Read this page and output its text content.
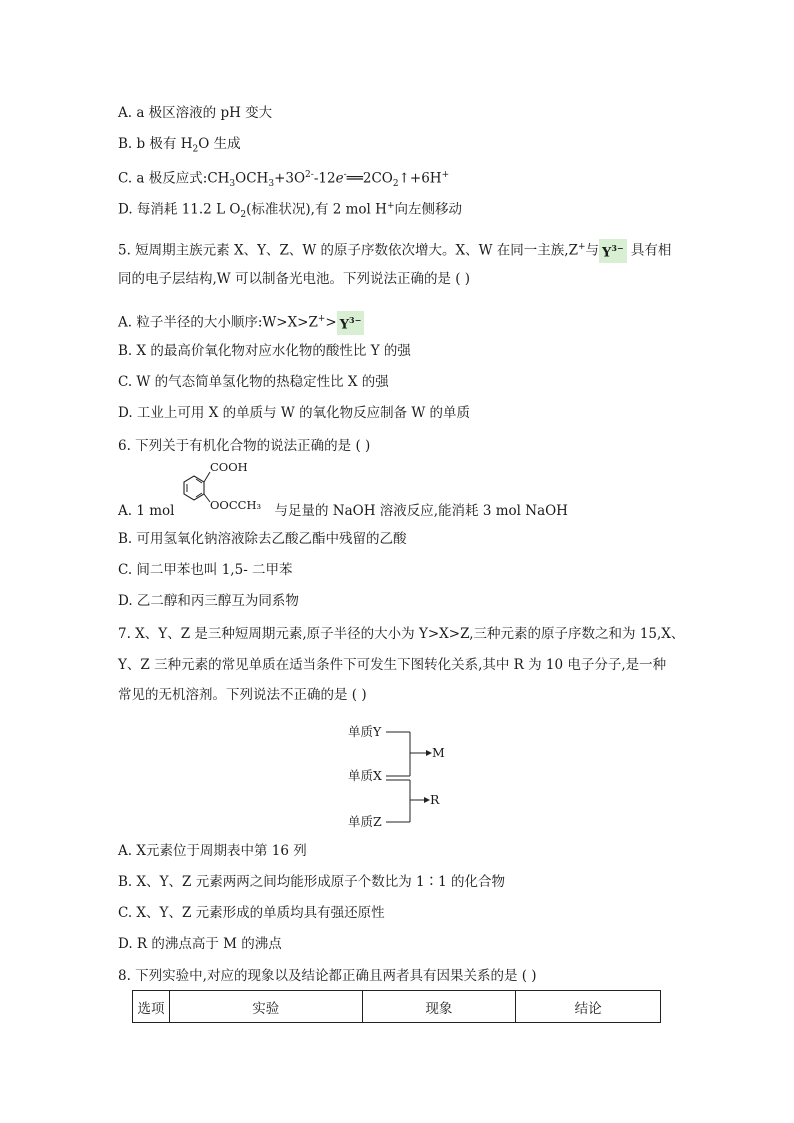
A. a 极区溶液的 pH 变大
B. b 极有 $H_2O$ 生成
C. a 极反应式$:CH_3OCH_3+3O^{2-}-12e^-══2CO_2↑+6H^+$
D. 每消耗 11.2 L $O_2$(标准状况),有 2 mol H+向左侧移动
5. 短周期主族元素 X、Y、Z、W 的原子序数依次增大。X、W 在同一主族,Z+与 $Y^{3-}$ 具有相
同的电子层结构,W 可以制备光电池。下列说法正确的是 ( )
A. 粒子半径的大小顺序:W>X>Z+> $Y^{3-}$
B. X 的最高价氧化物对应水化物的酸性比 Y 的强
C. W 的气态简单氢化物的热稳定性比 X 的强
D. 工业上可用 X 的单质与 W 的氧化物反应制备 W 的单质
6. 下列关于有机化合物的说法正确的是 ( )
COOH
OOCCH₃
A. 1 mol	与足量的 NaOH 溶液反应,能消耗 3 mol NaOH
B. 可用氢氧化钠溶液除去乙酸乙酯中残留的乙酸
C. 间二甲苯也叫 1,5- 二甲苯
D. 乙二醇和丙三醇互为同系物
7. X、Y、Z 是三种短周期元素,原子半径的大小为 Y>X>Z,三种元素的原子序数之和为 15,X、
Y、Z 三种元素的常见单质在适当条件下可发生下图转化关系,其中 R 为 10 电子分子,是一种
常见的无机溶剂。下列说法不正确的是 ( )
单质Y
单质X
单质Z
M
R
A. X元素位于周期表中第 16 列
B. X、Y、Z 元素两两之间均能形成原子个数比为 1∶1 的化合物
C. X、Y、Z 元素形成的单质均具有强还原性
D. R 的沸点高于 M 的沸点
8. 下列实验中,对应的现象以及结论都正确且两者具有因果关系的是 ( )
选项	实验	现象	结论
